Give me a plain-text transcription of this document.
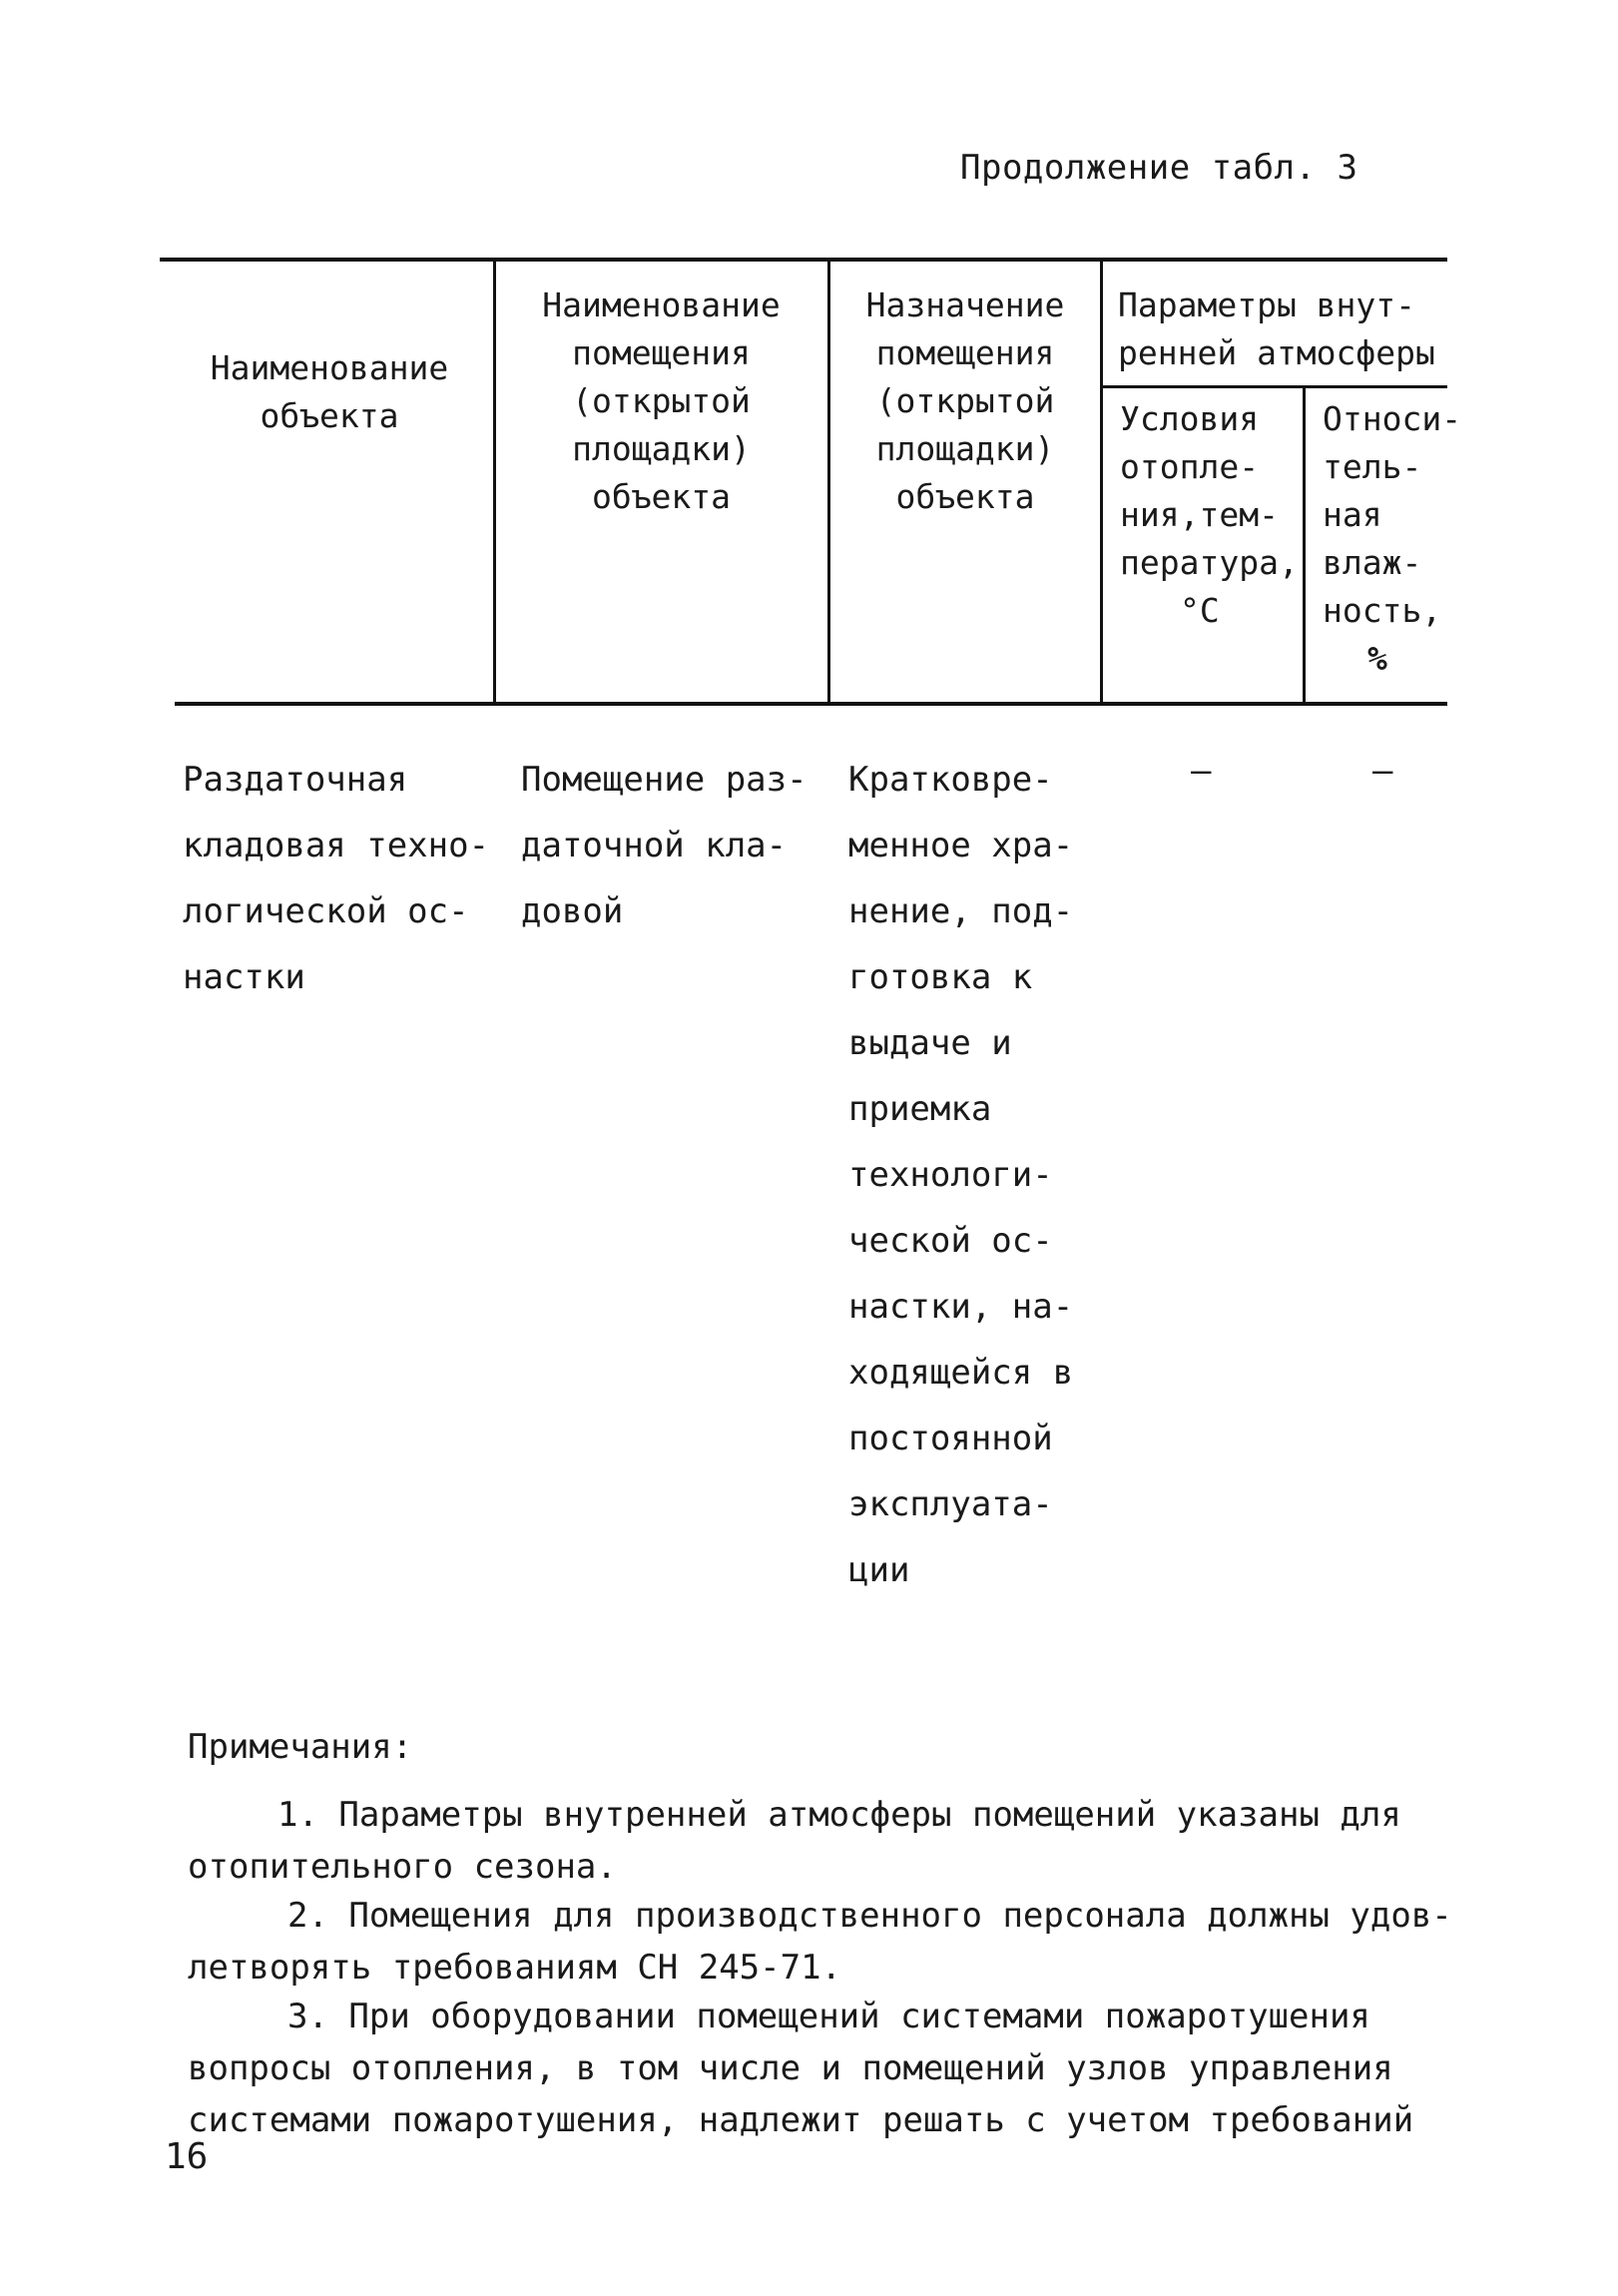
Продолжение табл. 3
Наименование
объекта
Наименование
помещения
(открытой
площадки)
объекта
Назначение
помещения
(открытой
площадки)
объекта
Параметры внут-
ренней атмосферы
Условия
отопле-
ния,тем-
пература,
°C
Относи-
тель-
ная
влаж-
ность,
%
Раздаточная
кладовая техно-
логической ос-
настки
Помещение раз-
даточной кла-
довой
Кратковре-
менное хра-
нение, под-
готовка к
выдаче и
приемка
технологи-
ческой ос-
настки, на-
ходящейся в
постоянной
эксплуата-
ции
–	–
Примечания:
1. Параметры внутренней атмосферы помещений указаны для
отопительного сезона.
2. Помещения для производственного персонала должны удов-
летворять требованиям СН 245-71.
3. При оборудовании помещений системами пожаротушения
вопросы отопления, в том числе и помещений узлов управления
системами пожаротушения, надлежит решать с учетом требований
16
